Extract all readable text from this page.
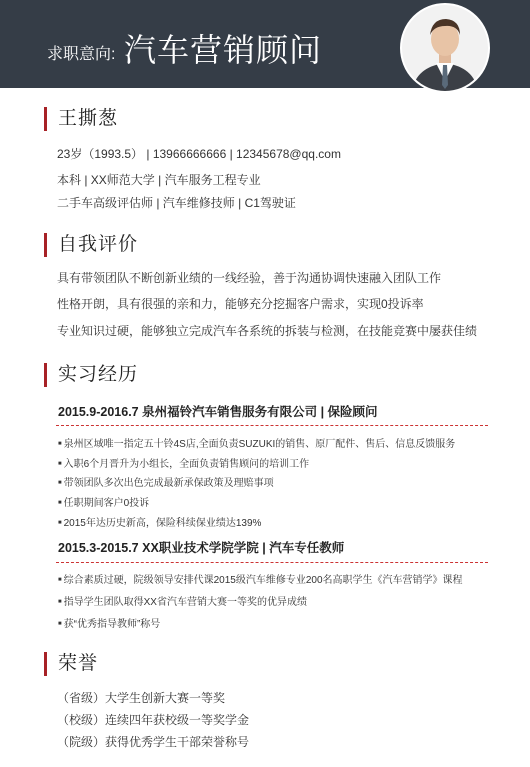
求职意向: 汽车营销顾问
王撕葱
23岁（1993.5） | 13966666666 | 12345678@qq.com
本科 | XX师范大学 | 汽车服务工程专业
二手车高级评估师 | 汽车维修技师 | C1驾驶证
自我评价
具有带领团队不断创新业绩的一线经验，善于沟通协调快速融入团队工作
性格开朗，具有很强的亲和力，能够充分挖掘客户需求，实现0投诉率
专业知识过硬，能够独立完成汽车各系统的拆装与检测，在技能竞赛中屡获佳绩
实习经历
2015.9-2016.7 泉州福铃汽车销售服务有限公司 | 保险顾问
■ 泉州区域唯一指定五十铃4S店,全面负责SUZUKI的销售、原厂配件、售后、信息反馈服务
■ 入职6个月晋升为小组长，全面负责销售顾问的培训工作
■ 带领团队多次出色完成最新承保政策及理赔事项
■ 任职期间客户0投诉
■ 2015年达历史新高，保险科续保业绩达139%
2015.3-2015.7 XX职业技术学院学院 | 汽车专任教师
■ 综合素质过硬，院级领导安排代课2015级汽车维修专业200名高职学生《汽车营销学》课程
■ 指导学生团队取得XX省汽车营销大赛一等奖的优异成绩
■ 获“优秀指导教师”称号
荣誉
（省级）大学生创新大赛一等奖
（校级）连续四年获校级一等奖学金
（院级）获得优秀学生干部荣誉称号
